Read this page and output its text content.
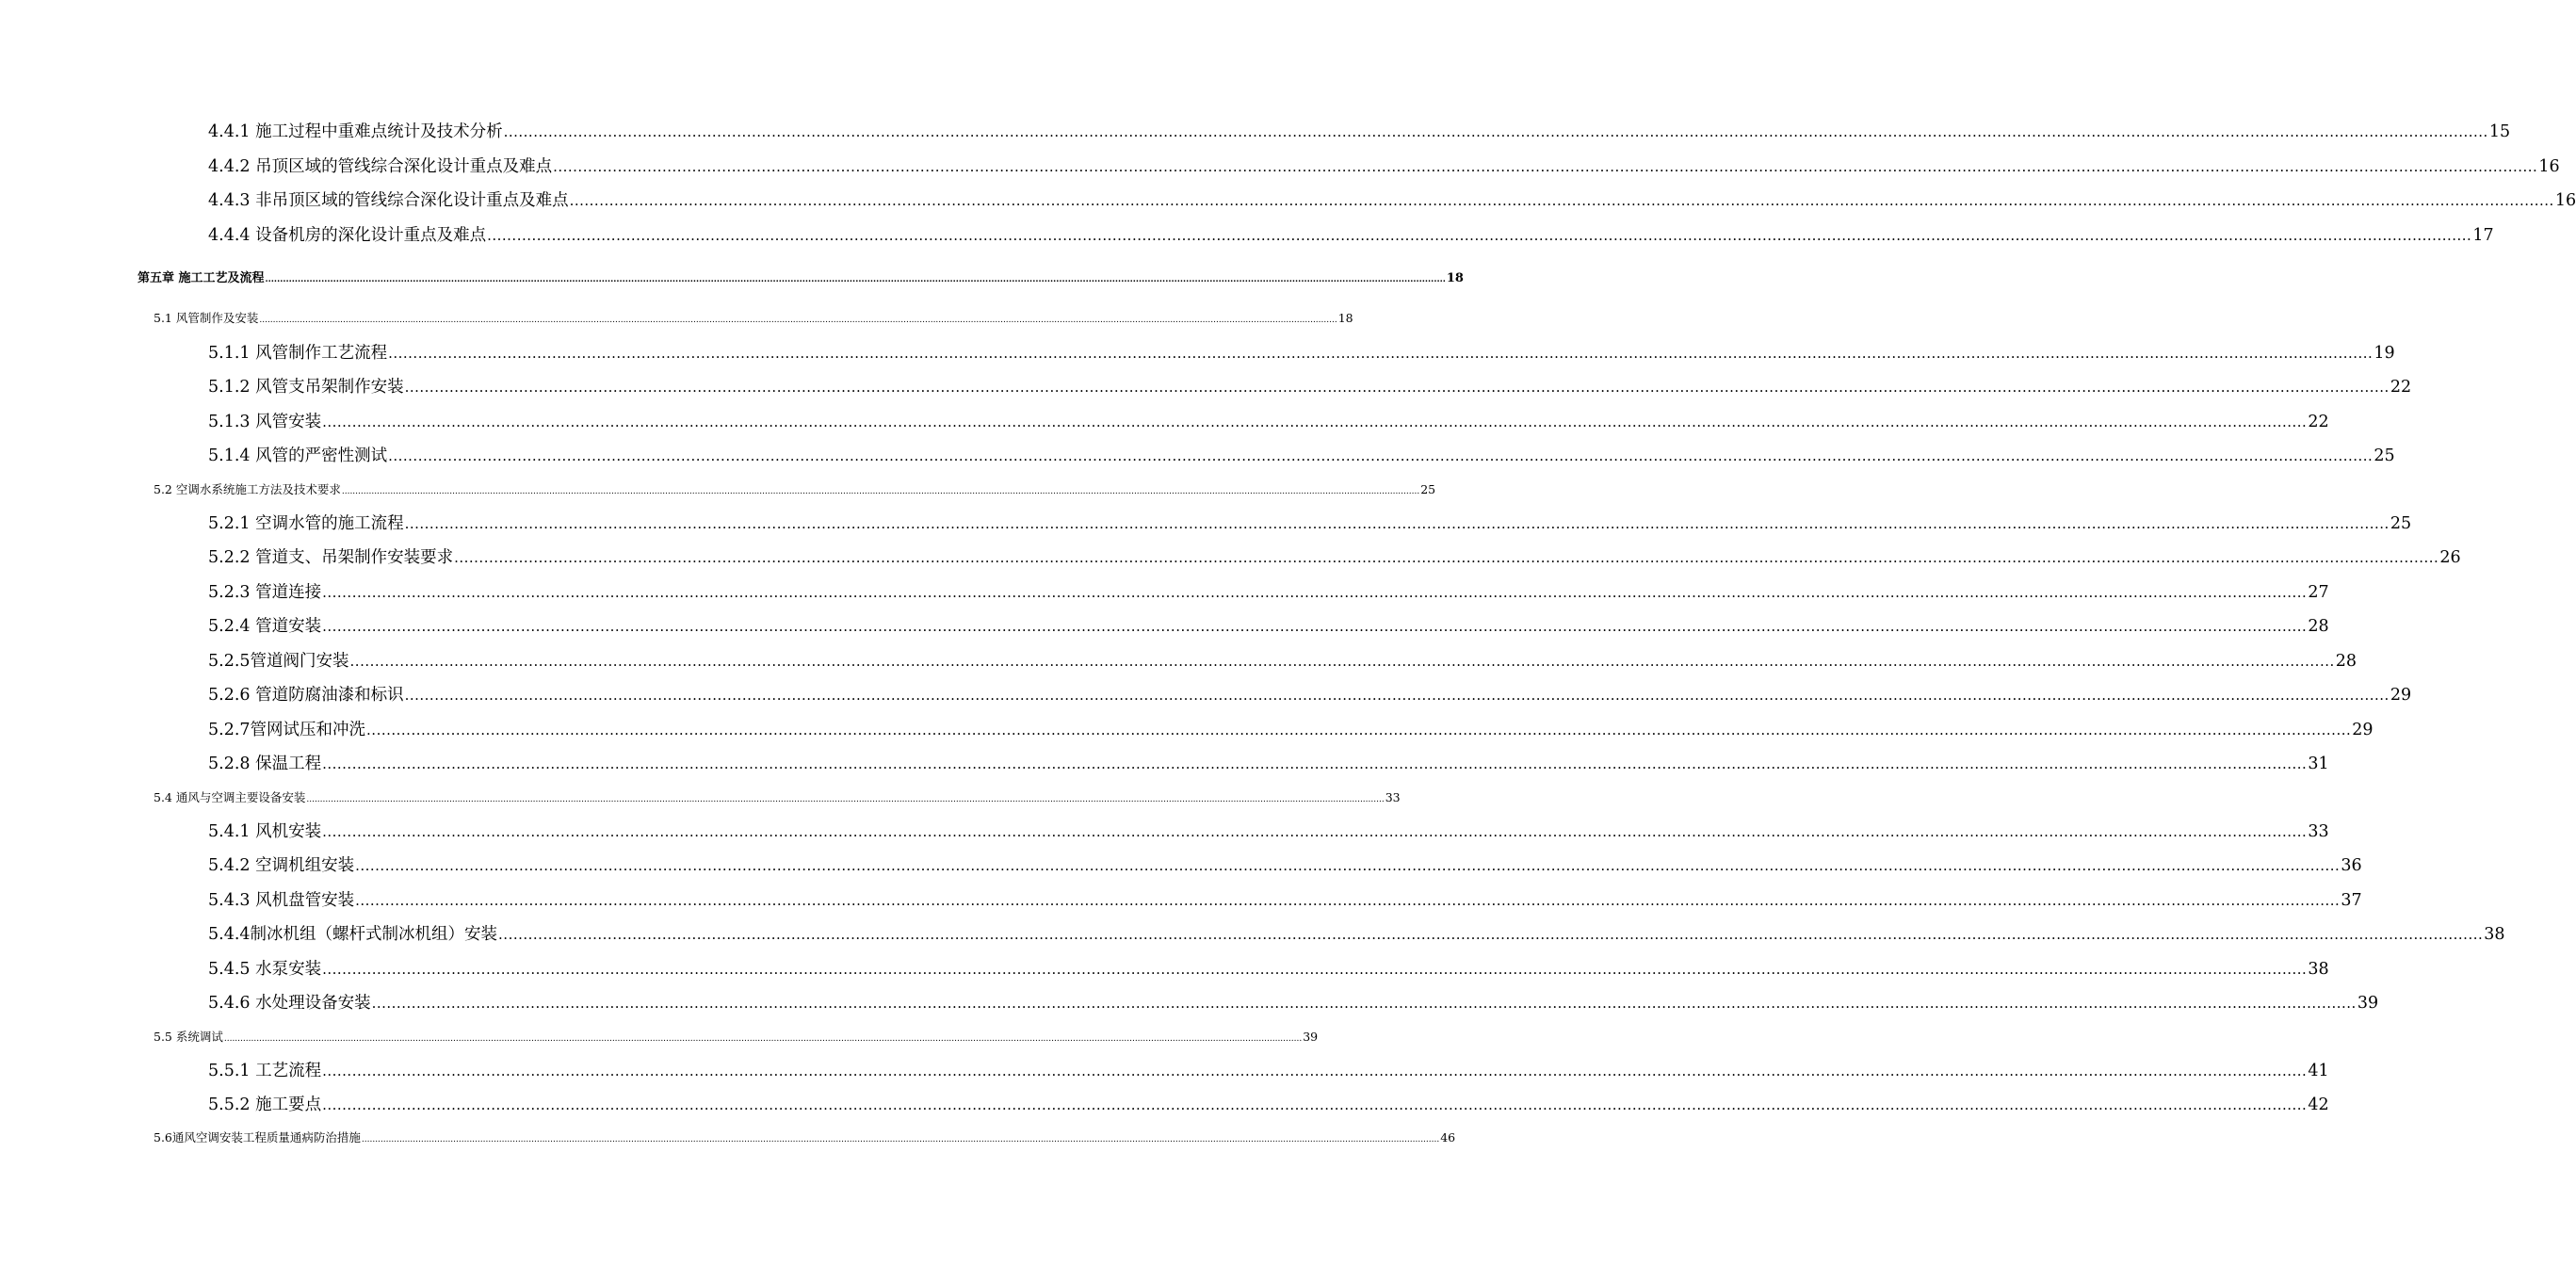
4.4.1 施工过程中重难点统计及技术分析 ................................................................................................................................................................................................................................................................................................................................................................................................................ 15
4.4.2 吊顶区域的管线综合深化设计重点及难点 ................................................................................................................................................................................................................................................................................................................................................................................................................ 16
4.4.3 非吊顶区域的管线综合深化设计重点及难点 ................................................................................................................................................................................................................................................................................................................................................................................................................ 16
4.4.4 设备机房的深化设计重点及难点 ................................................................................................................................................................................................................................................................................................................................................................................................................ 17
第五章 施工工艺及流程 ................................................................................................................................................................................................................................................................................................................................................................................................................ 18
5.1 风管制作及安装 ................................................................................................................................................................................................................................................................................................................................................................................................................ 18
5.1.1 风管制作工艺流程 ................................................................................................................................................................................................................................................................................................................................................................................................................ 19
5.1.2 风管支吊架制作安装 ................................................................................................................................................................................................................................................................................................................................................................................................................ 22
5.1.3 风管安装 ................................................................................................................................................................................................................................................................................................................................................................................................................ 22
5.1.4 风管的严密性测试 ................................................................................................................................................................................................................................................................................................................................................................................................................ 25
5.2 空调水系统施工方法及技术要求 ................................................................................................................................................................................................................................................................................................................................................................................................................ 25
5.2.1 空调水管的施工流程 ................................................................................................................................................................................................................................................................................................................................................................................................................ 25
5.2.2 管道支、吊架制作安装要求 ................................................................................................................................................................................................................................................................................................................................................................................................................ 26
5.2.3 管道连接 ................................................................................................................................................................................................................................................................................................................................................................................................................ 27
5.2.4 管道安装 ................................................................................................................................................................................................................................................................................................................................................................................................................ 28
5.2.5管道阀门安装 ................................................................................................................................................................................................................................................................................................................................................................................................................ 28
5.2.6 管道防腐油漆和标识 ................................................................................................................................................................................................................................................................................................................................................................................................................ 29
5.2.7管网试压和冲洗 ................................................................................................................................................................................................................................................................................................................................................................................................................ 29
5.2.8 保温工程 ................................................................................................................................................................................................................................................................................................................................................................................................................ 31
5.4 通风与空调主要设备安装 ................................................................................................................................................................................................................................................................................................................................................................................................................ 33
5.4.1 风机安装 ................................................................................................................................................................................................................................................................................................................................................................................................................ 33
5.4.2 空调机组安装 ................................................................................................................................................................................................................................................................................................................................................................................................................ 36
5.4.3 风机盘管安装 ................................................................................................................................................................................................................................................................................................................................................................................................................ 37
5.4.4制冰机组（螺杆式制冰机组）安装 ................................................................................................................................................................................................................................................................................................................................................................................................................ 38
5.4.5 水泵安装 ................................................................................................................................................................................................................................................................................................................................................................................................................ 38
5.4.6 水处理设备安装 ................................................................................................................................................................................................................................................................................................................................................................................................................ 39
5.5 系统调试 ................................................................................................................................................................................................................................................................................................................................................................................................................ 39
5.5.1 工艺流程 ................................................................................................................................................................................................................................................................................................................................................................................................................ 41
5.5.2 施工要点 ................................................................................................................................................................................................................................................................................................................................................................................................................ 42
5.6通风空调安装工程质量通病防治措施 ................................................................................................................................................................................................................................................................................................................................................................................................................ 46
